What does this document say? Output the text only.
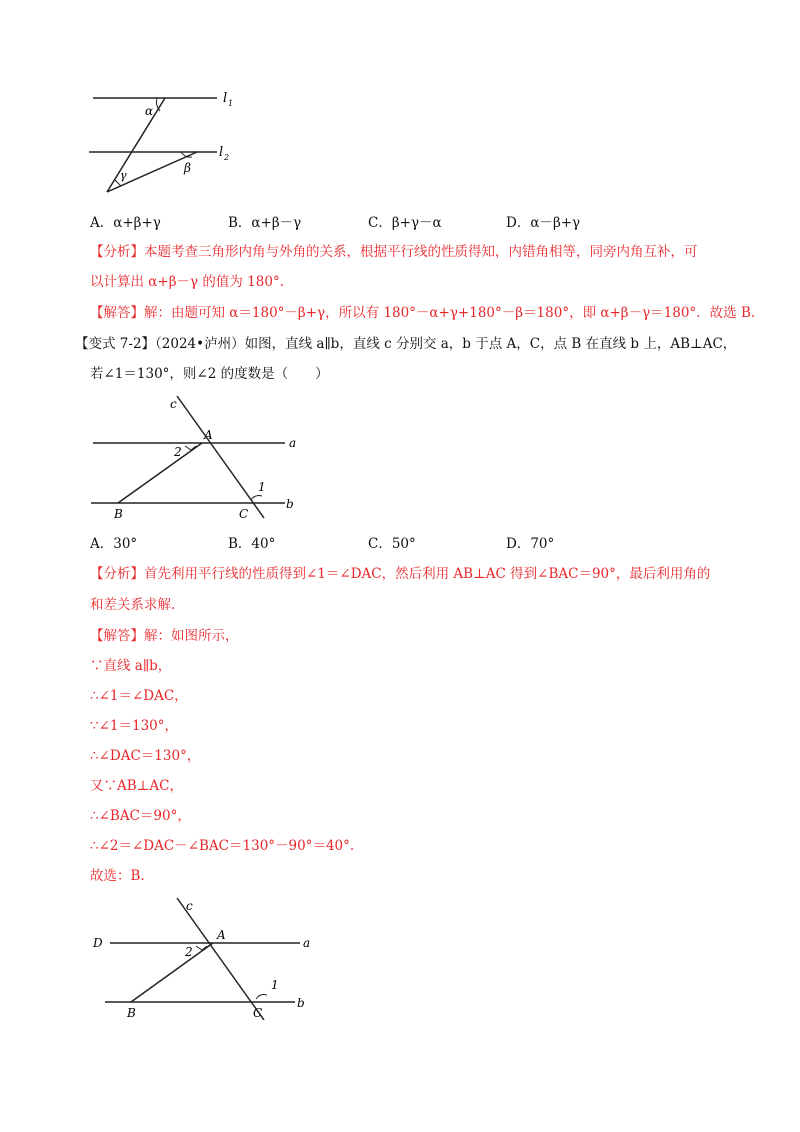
α
β
γ
l 1
l 2
A．α+β+γ	B．α+β－γ	C．β+γ－α	D．α－β+γ
【分析】本题考查三角形内角与外角的关系，根据平行线的性质得知，内错角相等，同旁内角互补，可
以计算出 α+β－γ 的值为 180°.
【解答】解：由题可知 α＝180°－β+γ，所以有 180°－α+γ+180°－β＝180°，即 α+β－γ＝180°．故选 B.
【变式 7-2】（2024•泸州）如图，直线 a∥b，直线 c 分别交 a，b 于点 A，C，点 B 在直线 b 上，AB⊥AC，
若∠1＝130°，则∠2 的度数是（　　）
c
A
2
a
1
B	C
b
A．30°	B．40°	C．50°	D．70°
【分析】首先利用平行线的性质得到∠1＝∠DAC，然后利用 AB⊥AC 得到∠BAC＝90°，最后利用角的
和差关系求解.
【解答】解：如图所示，
∵直线 a∥b，
∴∠1＝∠DAC，
∵∠1＝130°，
∴∠DAC＝130°，
又∵AB⊥AC，
∴∠BAC＝90°，
∴∠2＝∠DAC－∠BAC＝130°－90°＝40°.
故选：B.
D
c
A
2
a
1
B	C
b
